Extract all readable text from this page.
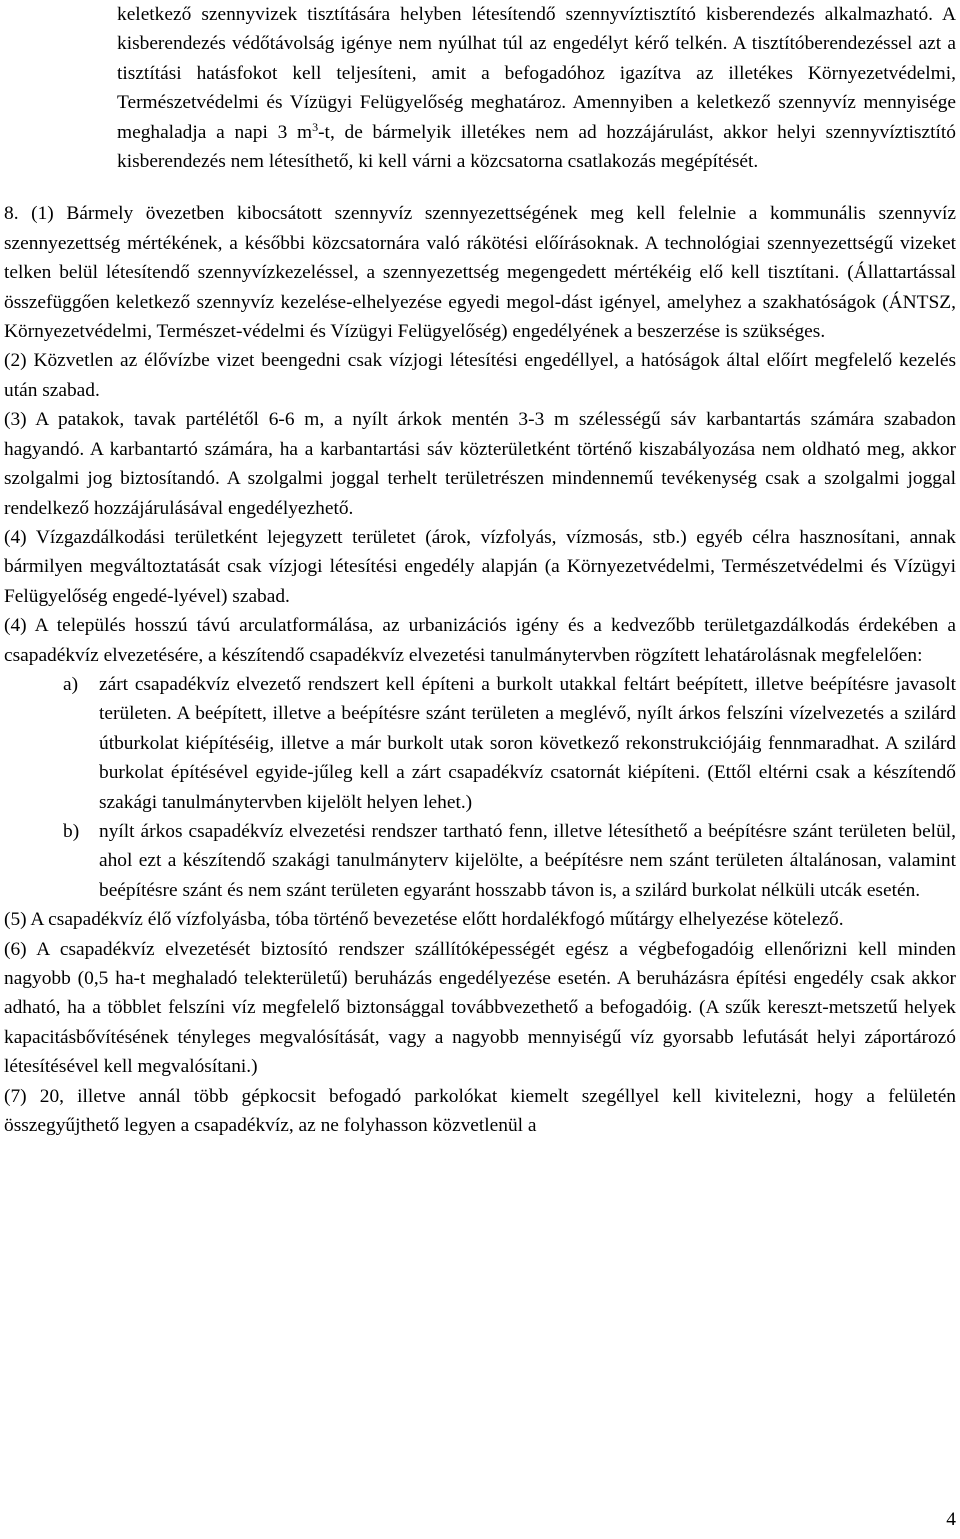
keletkező szennyvizek tisztítására helyben létesítendő szennyvíztisztító kisberendezés alkalmazható. A kisberendezés védőtávolság igénye nem nyúlhat túl az engedélyt kérő telkén. A tisztítóberendezéssel azt a tisztítási hatásfokot kell teljesíteni, amit a befogadóhoz igazítva az illetékes Környezetvédelmi, Természetvédelmi és Vízügyi Felügyelőség meghatároz. Amennyiben a keletkező szennyvíz mennyisége meghaladja a napi 3 $m^3-t$, de bármelyik illetékes nem ad hozzájárulást, akkor helyi szennyvíztisztító kisberendezés nem létesíthető, ki kell várni a közcsatorna csatlakozás megépítését.

8. (1) Bármely övezetben kibocsátott szennyvíz szennyezettségének meg kell felelnie a kommunális szennyvíz szennyezettség mértékének, a későbbi közcsatornára való rákötési előírásoknak. A technológiai szennyezettségű vizeket telken belül létesítendő szennyvízkezeléssel, a szennyezettség megengedett mértékéig elő kell tisztítani. (Állattartással összefüggően keletkező szennyvíz kezelése-elhelyezése egyedi megol-dást igényel, amelyhez a szakhatóságok (ÁNTSZ, Környezetvédelmi, Természet-védelmi és Vízügyi Felügyelőség) engedélyének a beszerzése is szükséges.

(2) Közvetlen az élővízbe vizet beengedni csak vízjogi létesítési engedéllyel, a hatóságok által előírt megfelelő kezelés után szabad.

(3) A patakok, tavak partélétől 6-6 m, a nyílt árkok mentén 3-3 m szélességű sáv karbantartás számára szabadon hagyandó. A karbantartó számára, ha a karbantartási sáv közterületként történő kiszabályozása nem oldható meg, akkor szolgalmi jog biztosítandó. A szolgalmi joggal terhelt területrészen mindennemű tevékenység csak a szolgalmi joggal rendelkező hozzájárulásával engedélyezhető.

(4) Vízgazdálkodási területként lejegyzett területet (árok, vízfolyás, vízmosás, stb.) egyéb célra hasznosítani, annak bármilyen megváltoztatását csak vízjogi létesítési engedély alapján (a Környezetvédelmi, Természetvédelmi és Vízügyi Felügyelőség engedé-lyével) szabad.

(4) A település hosszú távú arculatformálása, az urbanizációs igény és a kedvezőbb területgazdálkodás érdekében a csapadékvíz elvezetésére, a készítendő csapadékvíz elvezetési tanulmánytervben rögzített lehatárolásnak megfelelően:

a) zárt csapadékvíz elvezető rendszert kell építeni a burkolt utakkal feltárt beépített, illetve beépítésre javasolt területen. A beépített, illetve a beépítésre szánt területen a meglévő, nyílt árkos felszíni vízelvezetés a szilárd útburkolat kiépítéséig, illetve a már burkolt utak soron következő rekonstrukciójáig fennmaradhat. A szilárd burkolat építésével egyide-jűleg kell a zárt csapadékvíz csatornát kiépíteni. (Ettől eltérni csak a készítendő szakági tanulmánytervben kijelölt helyen lehet.)
b) nyílt árkos csapadékvíz elvezetési rendszer tartható fenn, illetve létesíthető a beépítésre szánt területen belül, ahol ezt a készítendő szakági tanulmányterv kijelölte, a beépítésre nem szánt területen általánosan, valamint beépítésre szánt és nem szánt területen egyaránt hosszabb távon is, a szilárd burkolat nélküli utcák esetén.

(5) A csapadékvíz élő vízfolyásba, tóba történő bevezetése előtt hordalékfogó műtárgy elhelyezése kötelező.

(6) A csapadékvíz elvezetését biztosító rendszer szállítóképességét egész a végbefogadóig ellenőrizni kell minden nagyobb (0,5 ha-t meghaladó telekterületű) beruházás engedélyezése esetén. A beruházásra építési engedély csak akkor adható, ha a többlet felszíni víz megfelelő biztonsággal továbbvezethető a befogadóig. (A szűk kereszt-metszetű helyek kapacitásbővítésének tényleges megvalósítását, vagy a nagyobb mennyiségű víz gyorsabb lefutását helyi záportározó létesítésével kell megvalósítani.)

(7) 20, illetve annál több gépkocsit befogadó parkolókat kiemelt szegéllyel kell kivitelezni, hogy a felületén összegyűjthető legyen a csapadékvíz, az ne folyhasson közvetlenül a

4
